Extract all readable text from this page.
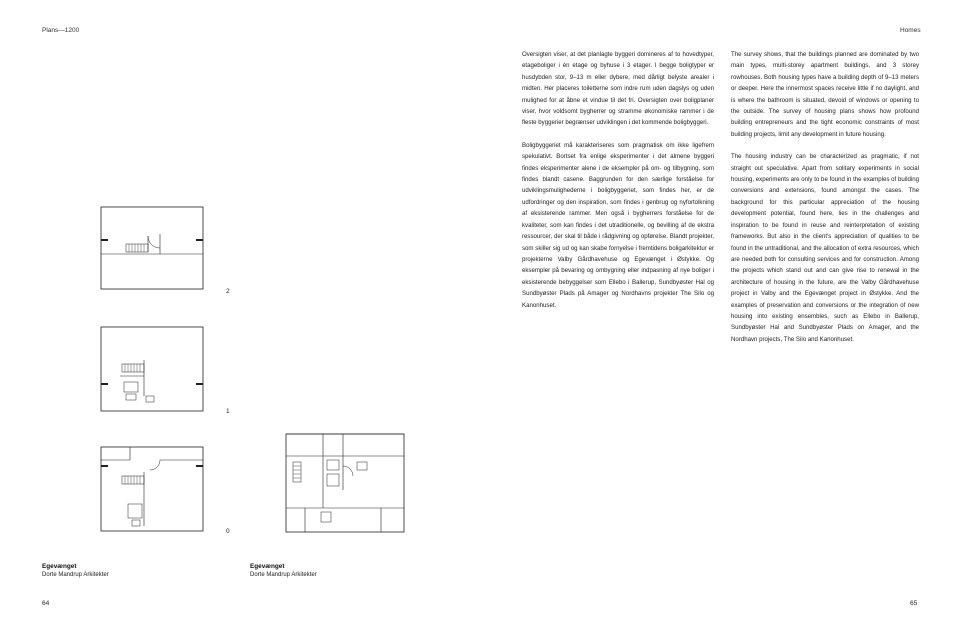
Plans—1200	Homes

Oversigten viser, at det planlagte byggeri domineres af to hovedtyper, etageboliger i én etage og byhuse i 3 etager. I begge boligtyper er husdybden stor, 9–13 m eller dybere, med dårligt belyste arealer i midten. Her placeres toiletterne som indre rum uden dagslys og uden mulighed for at åbne et vindue til det fri. Oversigten over boligplaner viser, hvor voldsomt bygherrer og stramme økonomiske rammer i de fleste byggerier begrænser udviklingen i det kommende boligbyggeri.

Boligbyggeriet må karakteriseres som pragmatisk om ikke ligefrem spekulativt. Bortset fra enlige eksperimenter i det almene byggeri findes eksperimenter alene i de eksempler på om- og tilbygning, som findes blandt casene. Baggrunden for den særlige forståelse for udviklingsmulighederne i boligbyggeriet, som findes her, er de udfordringer og den inspiration, som findes i genbrug og nyfortolkning af eksisterende rammer. Men også i bygherrers forståelse for de kvaliteter, som kan findes i det utraditionelle, og bevilling af de ekstra ressourcer, der skal til både i rådgivning og opførelse. Blandt projekter, som skiller sig ud og kan skabe fornyelse i fremtidens boligarkitektur er projekterne Valby Gårdhavehuse og Egevænget i Østykke. Og eksempler på bevaring og ombygning eller indpasning af nye boliger i eksisterende bebyggelser som Ellebo i Ballerup, Sundbyøster Hal og Sundbyøster Plads på Amager og Nordhavns projekter The Silo og Kanonhuset.

The survey shows, that the buildings planned are dominated by two main types, multi-storey apartment buildings, and 3 storey rowhouses. Both housing types have a building depth of 9–13 meters or deeper. Here the innermost spaces receive little if no daylight, and is where the bathroom is situated, devoid of windows or opening to the outside. The survey of housing plans shows how profound building entrepreneurs and the tight economic constraints of most building projects, limit any development in future housing.

The housing industry can be characterized as pragmatic, if not straight out speculative. Apart from solitary experiments in social housing, experiments are only to be found in the examples of building conversions and extensions, found amongst the cases. The background for this particular appreciation of the housing development potential, found here, lies in the challenges and inspiration to be found in reuse and reinterpretation of existing frameworks. But also in the client's appreciation of qualities to be found in the untraditional, and the allocation of extra resources, which are needed both for consulting services and for construction. Among the projects which stand out and can give rise to renewal in the architecture of housing in the future, are the Valby Gårdhavehuse project in Valby and the Egevænget project in Østykke. And the examples of preservation and conversions or the integration of new housing into existing ensembles, such as Ellebo in Ballerup, Sundbyøster Hal and Sundbyøster Plads on Amager, and the Nordhavn projects, The Silo and Kanonhuset.

2
1
0
Egevænget
Dorte Mandrup Arkitekter
Egevænget
Dorte Mandrup Arkitekter
64	65
